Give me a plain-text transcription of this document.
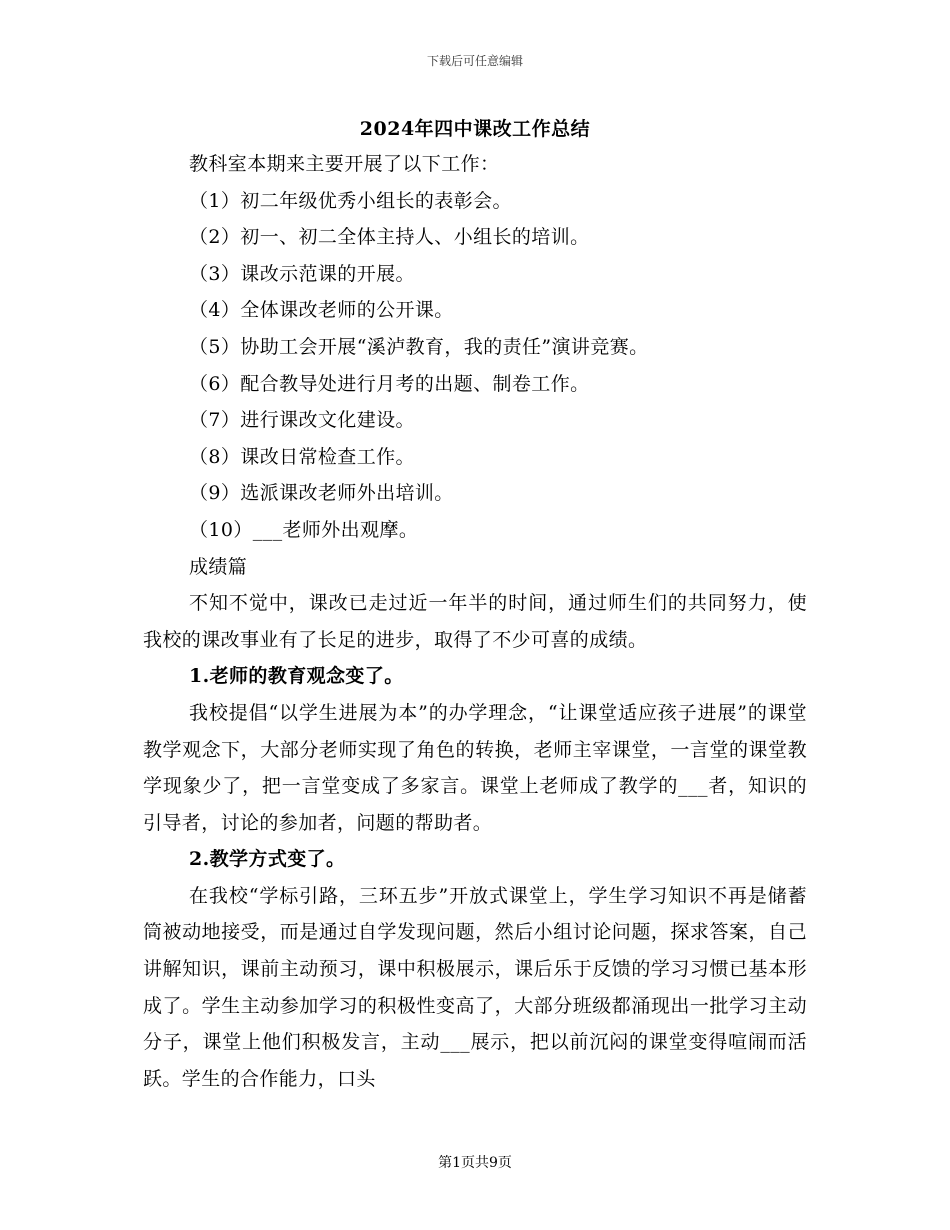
下载后可任意编辑
2024年四中课改工作总结

教科室本期来主要开展了以下工作：

（1）初二年级优秀小组长的表彰会。

（2）初一、初二全体主持人、小组长的培训。

（3）课改示范课的开展。

（4）全体课改老师的公开课。

（5）协助工会开展“溪泸教育，我的责任”演讲竞赛。

（6）配合教导处进行月考的出题、制卷工作。

（7）进行课改文化建设。

（8）课改日常检查工作。

（9）选派课改老师外出培训。

（10）___老师外出观摩。

成绩篇

不知不觉中，课改已走过近一年半的时间，通过师生们的共同努力，使我校的课改事业有了长足的进步，取得了不少可喜的成绩。

1.老师的教育观念变了。

我校提倡“以学生进展为本”的办学理念，“让课堂适应孩子进展”的课堂教学观念下，大部分老师实现了角色的转换，老师主宰课堂，一言堂的课堂教学现象少了，把一言堂变成了多家言。课堂上老师成了教学的___者，知识的引导者，讨论的参加者，问题的帮助者。

2.教学方式变了。

在我校“学标引路，三环五步”开放式课堂上，学生学习知识不再是储蓄筒被动地接受，而是通过自学发现问题，然后小组讨论问题，探求答案，自己讲解知识，课前主动预习，课中积极展示，课后乐于反馈的学习习惯已基本形成了。学生主动参加学习的积极性变高了，大部分班级都涌现出一批学习主动分子，课堂上他们积极发言，主动___展示，把以前沉闷的课堂变得喧闹而活跃。学生的合作能力，口头

第1页共9页
